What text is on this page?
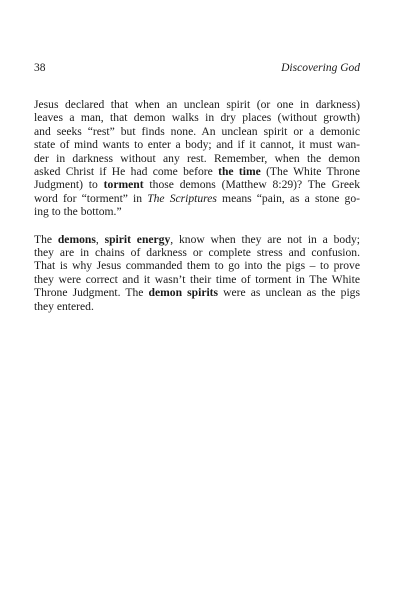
38	Discovering God

Jesus declared that when an unclean spirit (or one in darkness)
leaves a man, that demon walks in dry places (without growth)
and seeks “rest” but finds none. An unclean spirit or a demonic
state of mind wants to enter a body; and if it cannot, it must wan-
der in darkness without any rest. Remember, when the demon
asked Christ if He had come before the time (The White Throne
Judgment) to torment those demons (Matthew 8:29)? The Greek
word for “torment” in The Scriptures means “pain, as a stone go-
ing to the bottom.”

The demons, spirit energy, know when they are not in a body;
they are in chains of darkness or complete stress and confusion.
That is why Jesus commanded them to go into the pigs – to prove
they were correct and it wasn’t their time of torment in The White
Throne Judgment. The demon spirits were as unclean as the pigs
they entered.
